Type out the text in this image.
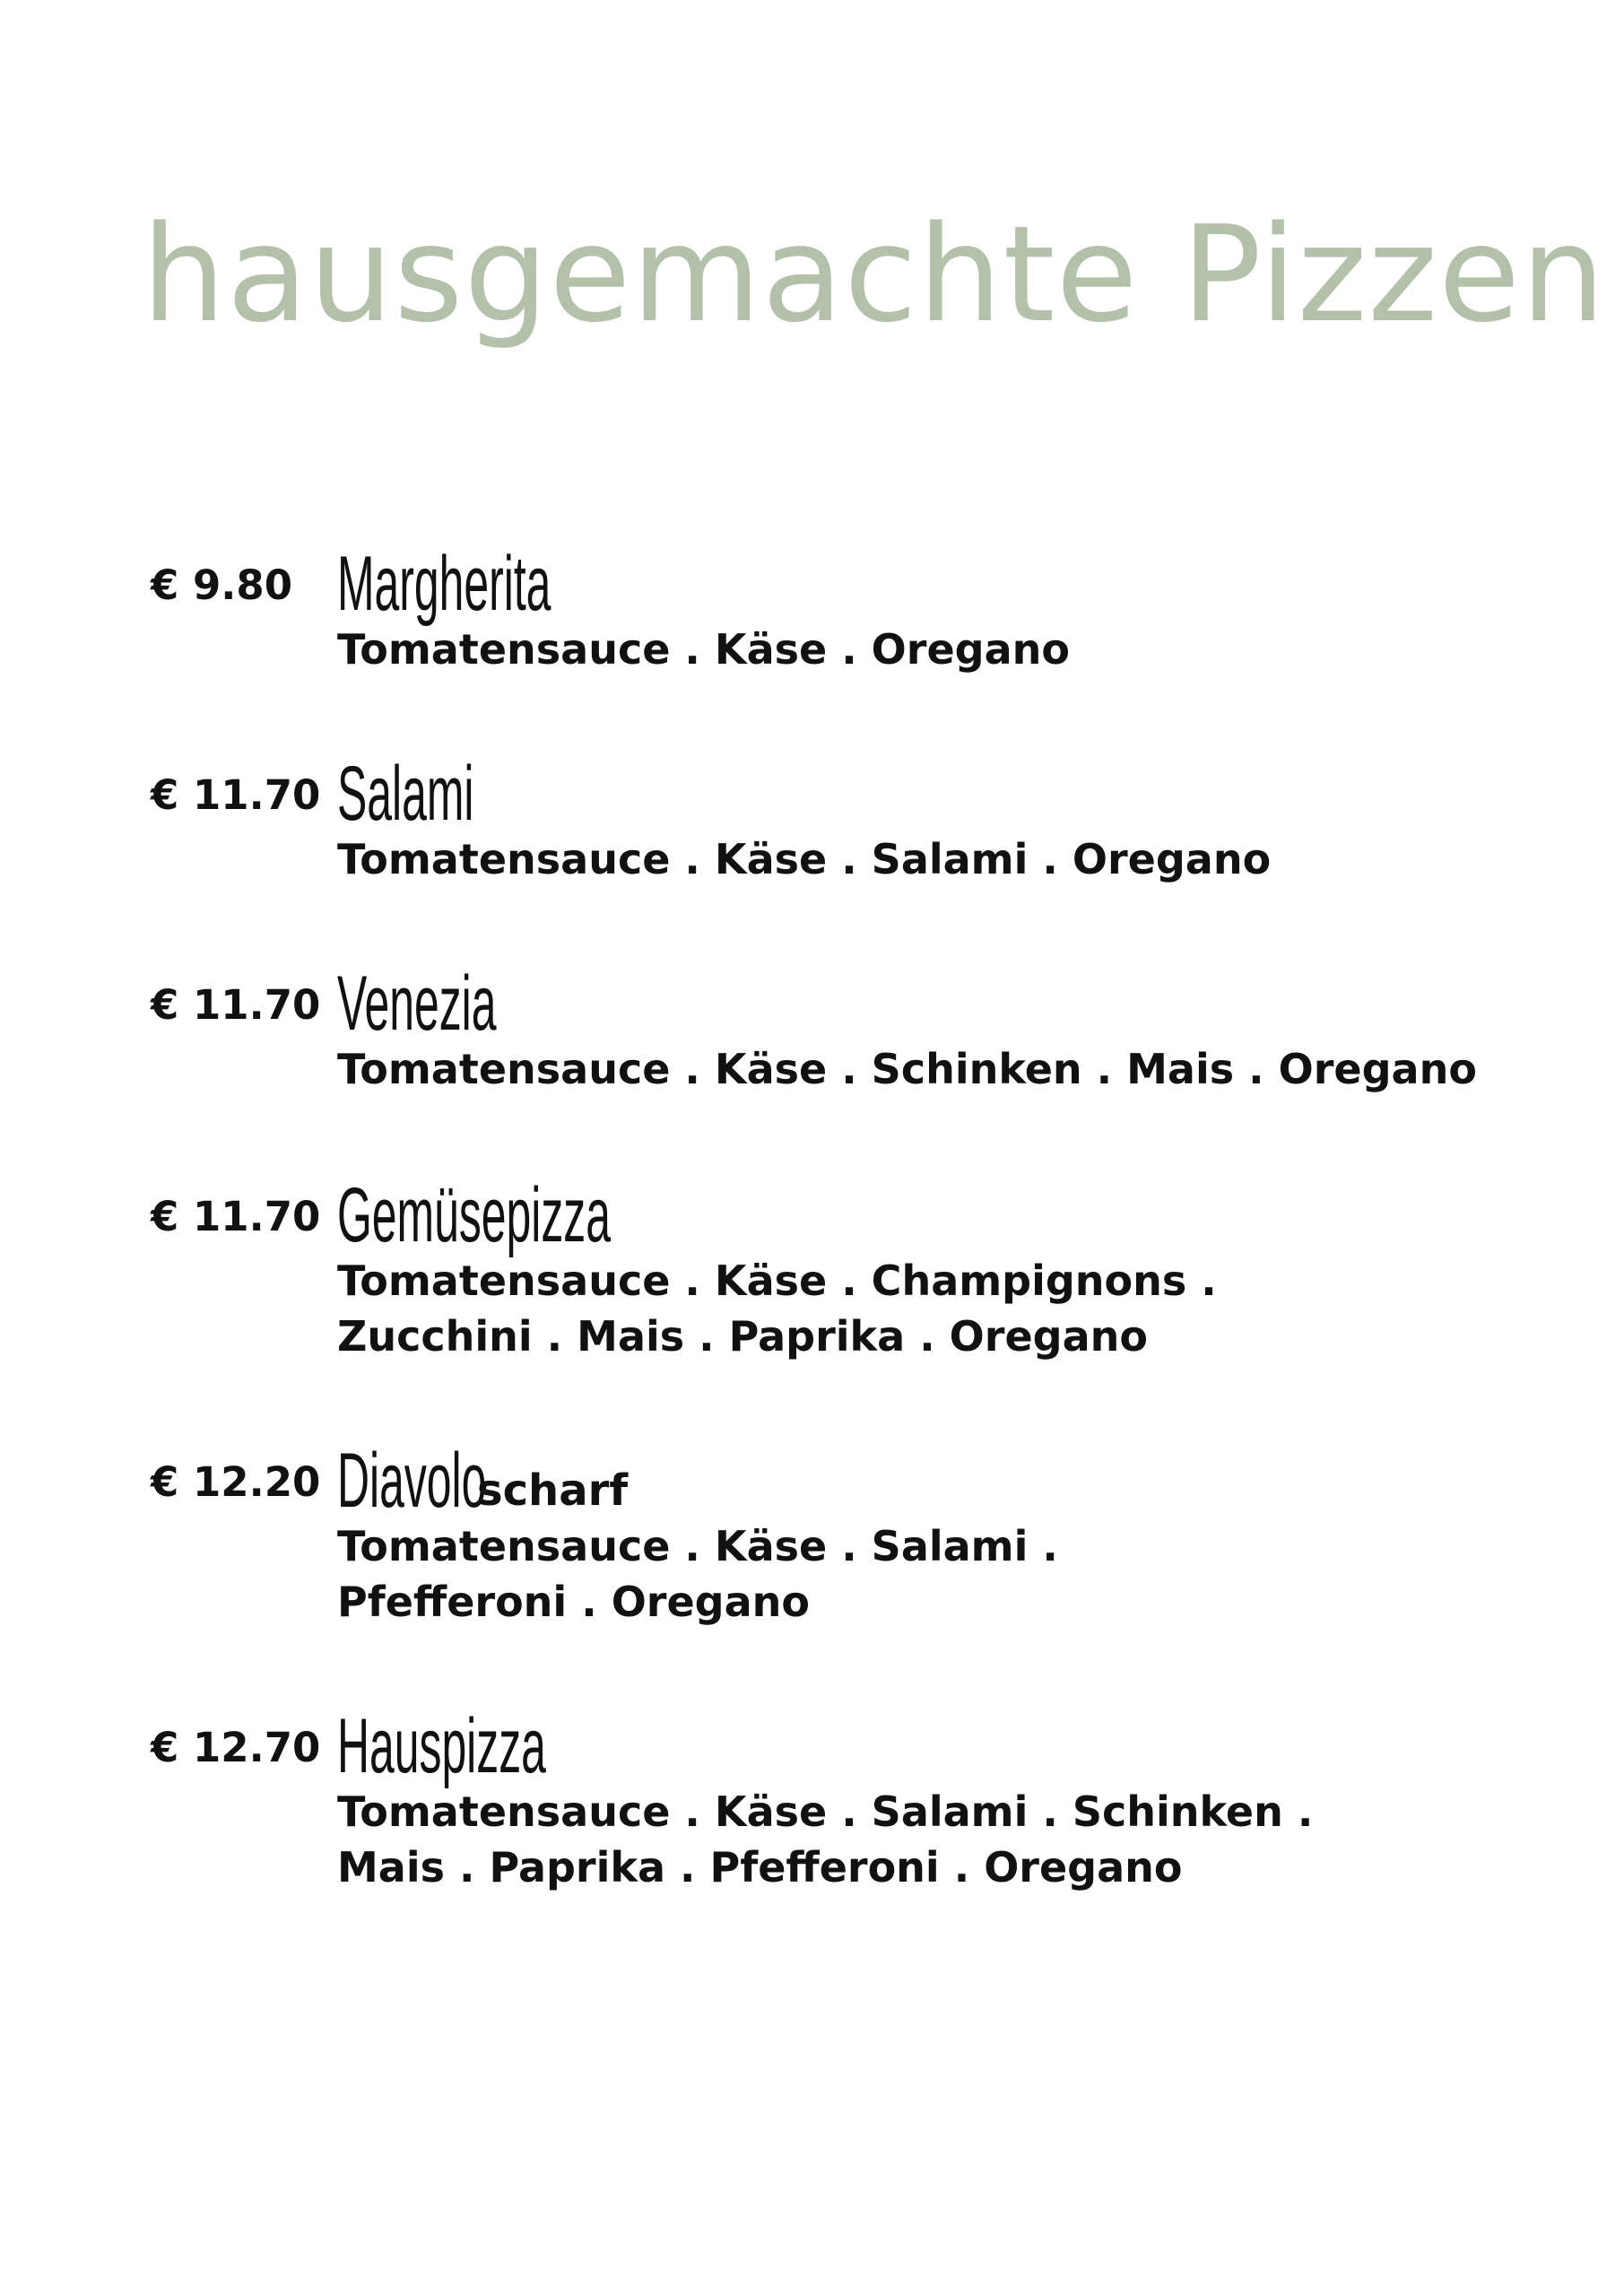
hausgemachte Pizzen
€ 9.80 Margherita
Tomatensauce . Käse . Oregano
€ 11.70 Salami
Tomatensauce . Käse . Salami . Oregano
€ 11.70 Venezia
Tomatensauce . Käse . Schinken . Mais . Oregano
€ 11.70 Gemüsepizza
Tomatensauce . Käse . Champignons .
Zucchini . Mais . Paprika . Oregano
€ 12.20 Diavolo
scharf
Tomatensauce . Käse . Salami .
Pfefferoni . Oregano
€ 12.70 Hauspizza
Tomatensauce . Käse . Salami . Schinken .
Mais . Paprika . Pfefferoni . Oregano
